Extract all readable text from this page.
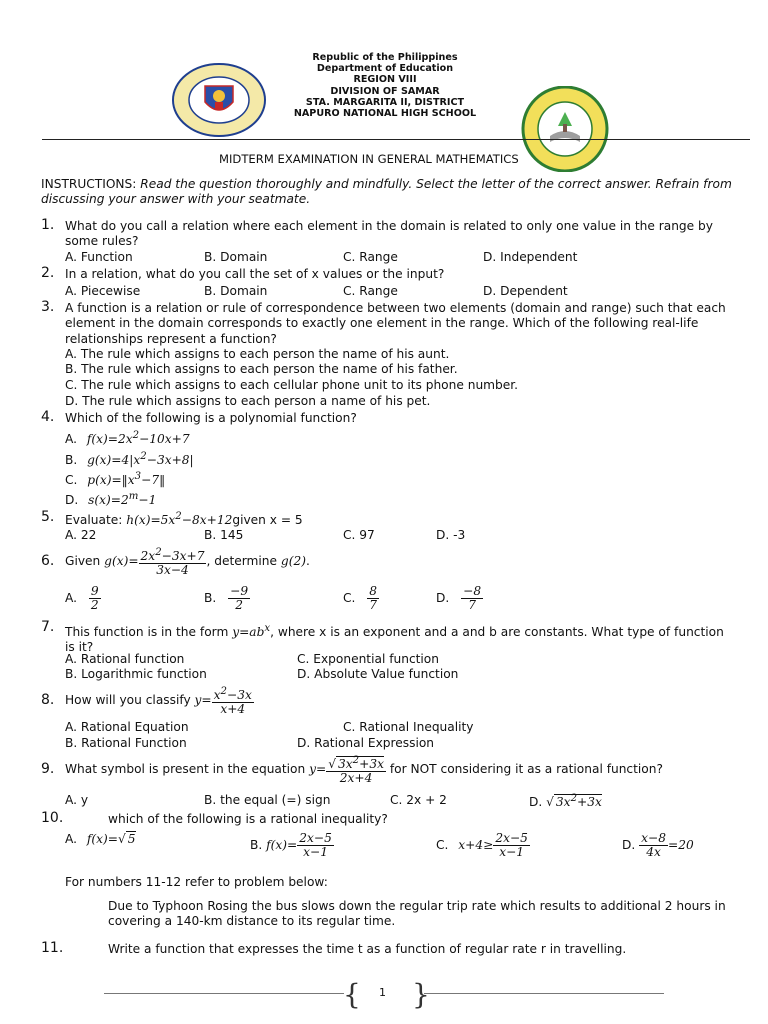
Republic of the Philippines
Department of Education
REGION VIII
DIVISION OF SAMAR
STA. MARGARITA II, DISTRICT
NAPURO NATIONAL HIGH SCHOOL
MIDTERM EXAMINATION IN GENERAL MATHEMATICS
INSTRUCTIONS: Read the question thoroughly and mindfully. Select the letter of the correct answer. Refrain from discussing your answer with your seatmate.
1. What do you call a relation where each element in the domain is related to only one value in the range by some rules?
A. Function	B. Domain	C. Range	D. Independent
2. In a relation, what do you call the set of x values or the input?
A. Piecewise	B. Domain	C. Range	D. Dependent
3. A function is a relation or rule of correspondence between two elements (domain and range) such that each element in the domain corresponds to exactly one element in the range. Which of the following real-life relationships represent a function?
A. The rule which assigns to each person the name of his aunt.
B. The rule which assigns to each person the name of his father.
C. The rule which assigns to each cellular phone unit to its phone number.
D. The rule which assigns to each person a name of his pet.
4. Which of the following is a polynomial function?
A. $f(x)=2x^2-10x+7$
B. $g(x)=4|x^2-3x+8|$
C. $p(x)=‖x^3-7‖$
D. $s(x)=2^m-1$
5. Evaluate: $h(x)=5x^2-8x+12given$ x = 5
A. 22	B. 145	C. 97	D. -3
6. Given $g(x)= \frac{2x^2-3x+7}{3x-4}$ , determine g(2).
A. $\frac{9}{2}$	B. $\frac{-9}{2}$	C. $\frac{8}{7}$	D. $\frac{-8}{7}$
7. This function is in the form $y=ab^x$, where x is an exponent and a and b are constants. What type of function is it?
A. Rational function
B. Logarithmic function
C. Exponential function
D. Absolute Value function
8. How will you classify $y= \frac{x^2-3x}{x+4}$
A. Rational Equation
B. Rational Function
C. Rational Inequality
D. Rational Expression
9. What symbol is present in the equation $y= \frac{√ 3x^2+3x}{2x+4}$ for NOT considering it as a rational function?
A. y	B. the equal (=) sign	C. 2x + 2	D. √ $3x^2+3x$
10.	which of the following is a rational inequality?
A. f(x)=√ 5	B. $f(x)= \frac{2x-5}{x-1}$	C. $x+4\ge \frac{2x-5}{x-1}$	D. $\frac{x-8}{4x} =20$
For numbers 11-12 refer to problem below:
Due to Typhoon Rosing the bus slows down the regular trip rate which results to additional 2 hours in covering a 140-km distance to its regular time.
11.	Write a function that expresses the time t as a function of regular rate r in travelling.
{ }
1
